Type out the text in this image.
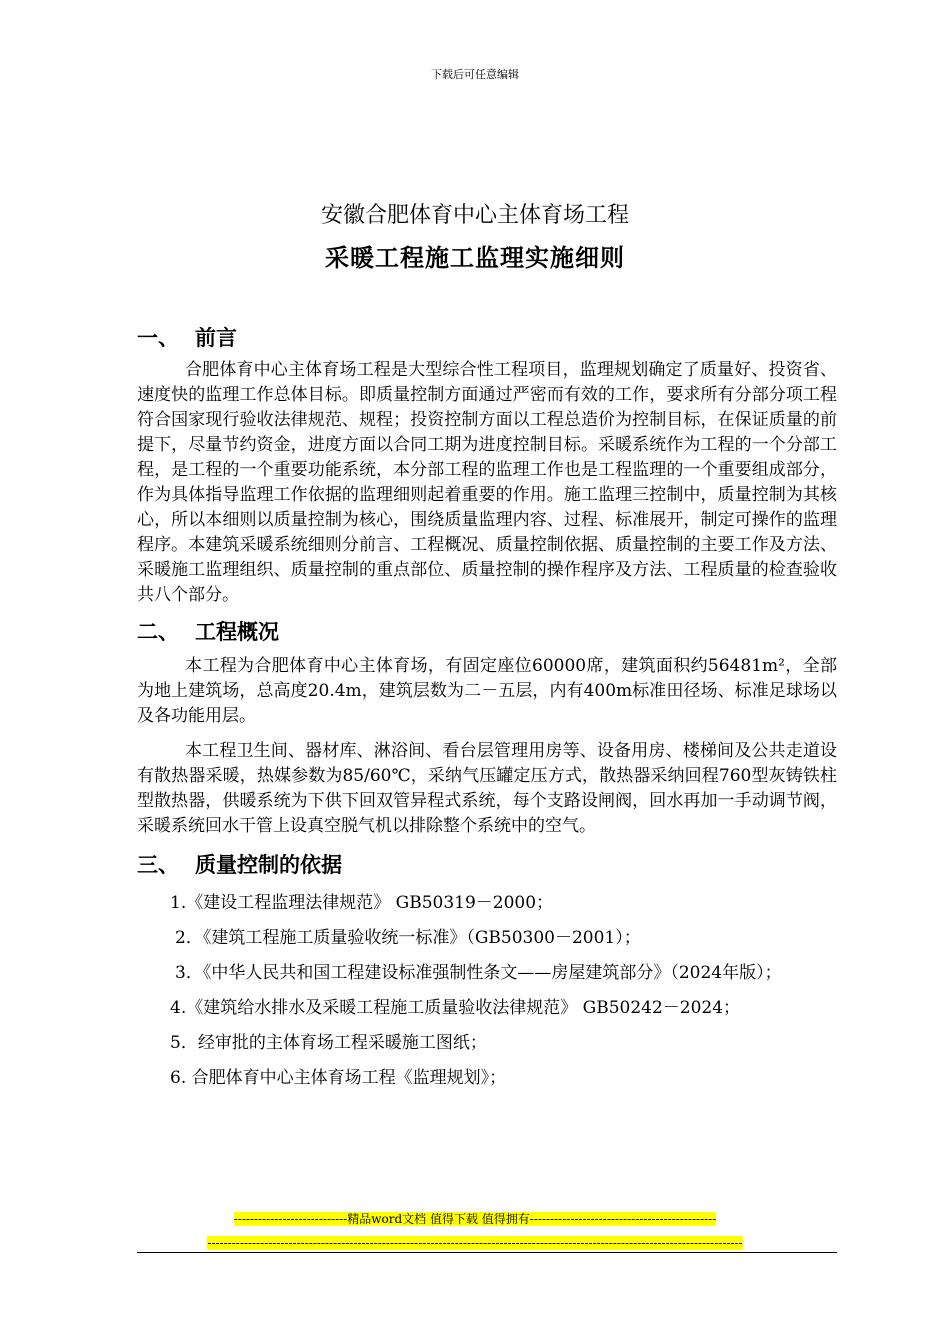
下载后可任意编辑
安徽合肥体育中心主体育场工程
采暖工程施工监理实施细则
一、 前言

合肥体育中心主体育场工程是大型综合性工程项目，监理规划确定了质量好、投资省、速度快的监理工作总体目标。即质量控制方面通过严密而有效的工作，要求所有分部分项工程符合国家现行验收法律规范、规程；投资控制方面以工程总造价为控制目标，在保证质量的前提下，尽量节约资金，进度方面以合同工期为进度控制目标。采暖系统作为工程的一个分部工程，是工程的一个重要功能系统，本分部工程的监理工作也是工程监理的一个重要组成部分，作为具体指导监理工作依据的监理细则起着重要的作用。施工监理三控制中，质量控制为其核心，所以本细则以质量控制为核心，围绕质量监理内容、过程、标准展开，制定可操作的监理程序。本建筑采暖系统细则分前言、工程概况、质量控制依据、质量控制的主要工作及方法、采暖施工监理组织、质量控制的重点部位、质量控制的操作程序及方法、工程质量的检查验收共八个部分。

二、 工程概况

本工程为合肥体育中心主体育场，有固定座位60000席，建筑面积约56481m²，全部为地上建筑场，总高度20.4m，建筑层数为二－五层，内有400m标准田径场、标准足球场以及各功能用层。

本工程卫生间、器材库、淋浴间、看台层管理用房等、设备用房、楼梯间及公共走道设有散热器采暖，热媒参数为85/60℃，采纳气压罐定压方式，散热器采纳回程760型灰铸铁柱型散热器，供暖系统为下供下回双管异程式系统，每个支路设闸阀，回水再加一手动调节阀，采暖系统回水干管上设真空脱气机以排除整个系统中的空气。

三、 质量控制的依据
1.《建设工程监理法律规范》 GB50319－2000；
2．《建筑工程施工质量验收统一标准》（GB50300－2001）；
3．《中华人民共和国工程建设标准强制性条文——房屋建筑部分》（2024年版）；
4.《建筑给水排水及采暖工程施工质量验收法律规范》 GB50242－2024；
5．经审批的主体育场工程采暖施工图纸；
6. 合肥体育中心主体育场工程《监理规划》；
----------------------------精品word文档 值得下载 值得拥有----------------------------------------------
------------------------------------------------------------------------------------------------------------------------------------
